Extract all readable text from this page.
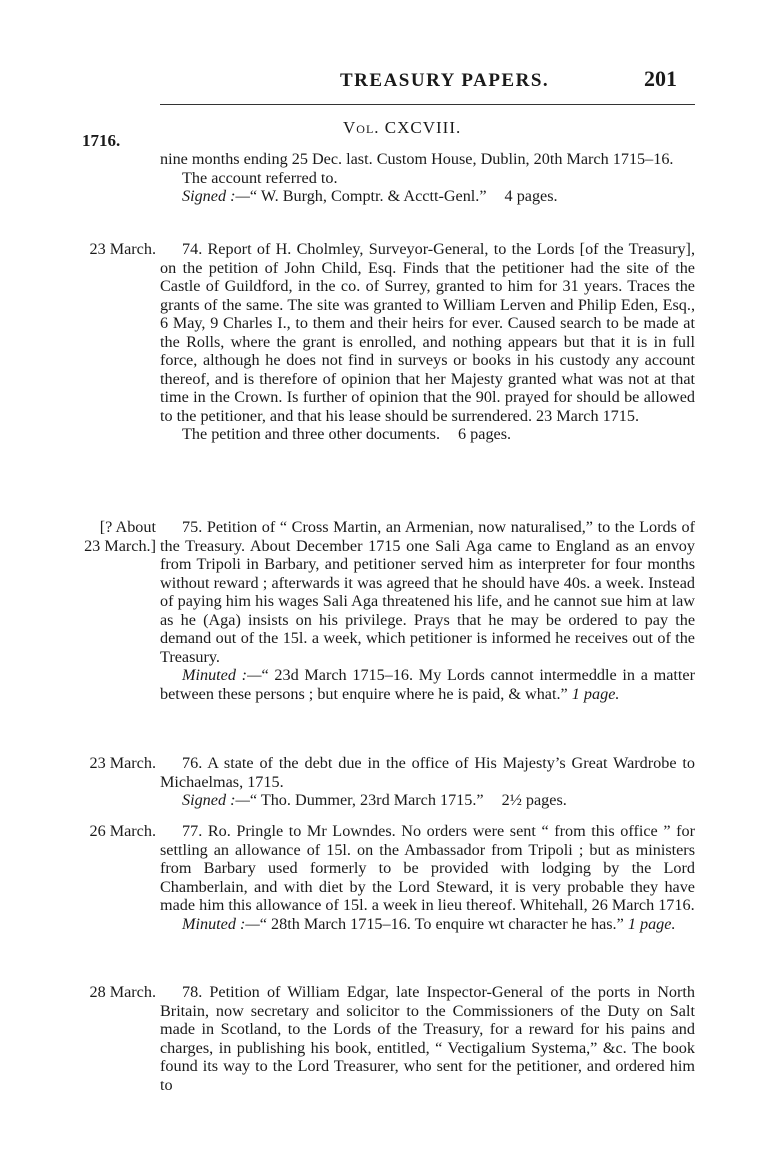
TREASURY PAPERS.	201
Vol. CXCVIII.
1716.

nine months ending 25 Dec. last. Custom House, Dublin, 20th March 1715–16.

The account referred to.

Signed :—“ W. Burgh, Comptr. & Acctt-Genl.” 4 pages.

23 March.	74. Report of H. Cholmley, Surveyor-General, to the Lords [of the Treasury], on the petition of John Child, Esq. Finds that the petitioner had the site of the Castle of Guildford, in the co. of Surrey, granted to him for 31 years. Traces the grants of the same. The site was granted to William Lerven and Philip Eden, Esq., 6 May, 9 Charles I., to them and their heirs for ever. Caused search to be made at the Rolls, where the grant is enrolled, and nothing appears but that it is in full force, although he does not find in surveys or books in his custody any account thereof, and is therefore of opinion that her Majesty granted what was not at that time in the Crown. Is further of opinion that the 90l. prayed for should be allowed to the petitioner, and that his lease should be surrendered. 23 March 1715.

The petition and three other documents. 6 pages.

[? About
23 March.]

75. Petition of “ Cross Martin, an Armenian, now naturalised,” to the Lords of the Treasury. About December 1715 one Sali Aga came to England as an envoy from Tripoli in Barbary, and petitioner served him as interpreter for four months without reward ; afterwards it was agreed that he should have 40s. a week. Instead of paying him his wages Sali Aga threatened his life, and he cannot sue him at law as he (Aga) insists on his privilege. Prays that he may be ordered to pay the demand out of the 15l. a week, which petitioner is informed he receives out of the Treasury.

Minuted :—“ 23d March 1715–16. My Lords cannot intermeddle in a matter between these persons ; but enquire where he is paid, & what.” 1 page.

23 March.	76. A state of the debt due in the office of His Majesty’s Great Wardrobe to Michaelmas, 1715.

Signed :—“ Tho. Dummer, 23rd March 1715.” 2½ pages.

26 March.	77. Ro. Pringle to Mr Lowndes. No orders were sent “ from this office ” for settling an allowance of 15l. on the Ambassador from Tripoli ; but as ministers from Barbary used formerly to be provided with lodging by the Lord Chamberlain, and with diet by the Lord Steward, it is very probable they have made him this allowance of 15l. a week in lieu thereof. Whitehall, 26 March 1716.

Minuted :—“ 28th March 1715–16. To enquire wt character he has.” 1 page.

28 March.	78. Petition of William Edgar, late Inspector-General of the ports in North Britain, now secretary and solicitor to the Commissioners of the Duty on Salt made in Scotland, to the Lords of the Treasury, for a reward for his pains and charges, in publishing his book, entitled, “ Vectigalium Systema,” &c. The book found its way to the Lord Treasurer, who sent for the petitioner, and ordered him to
